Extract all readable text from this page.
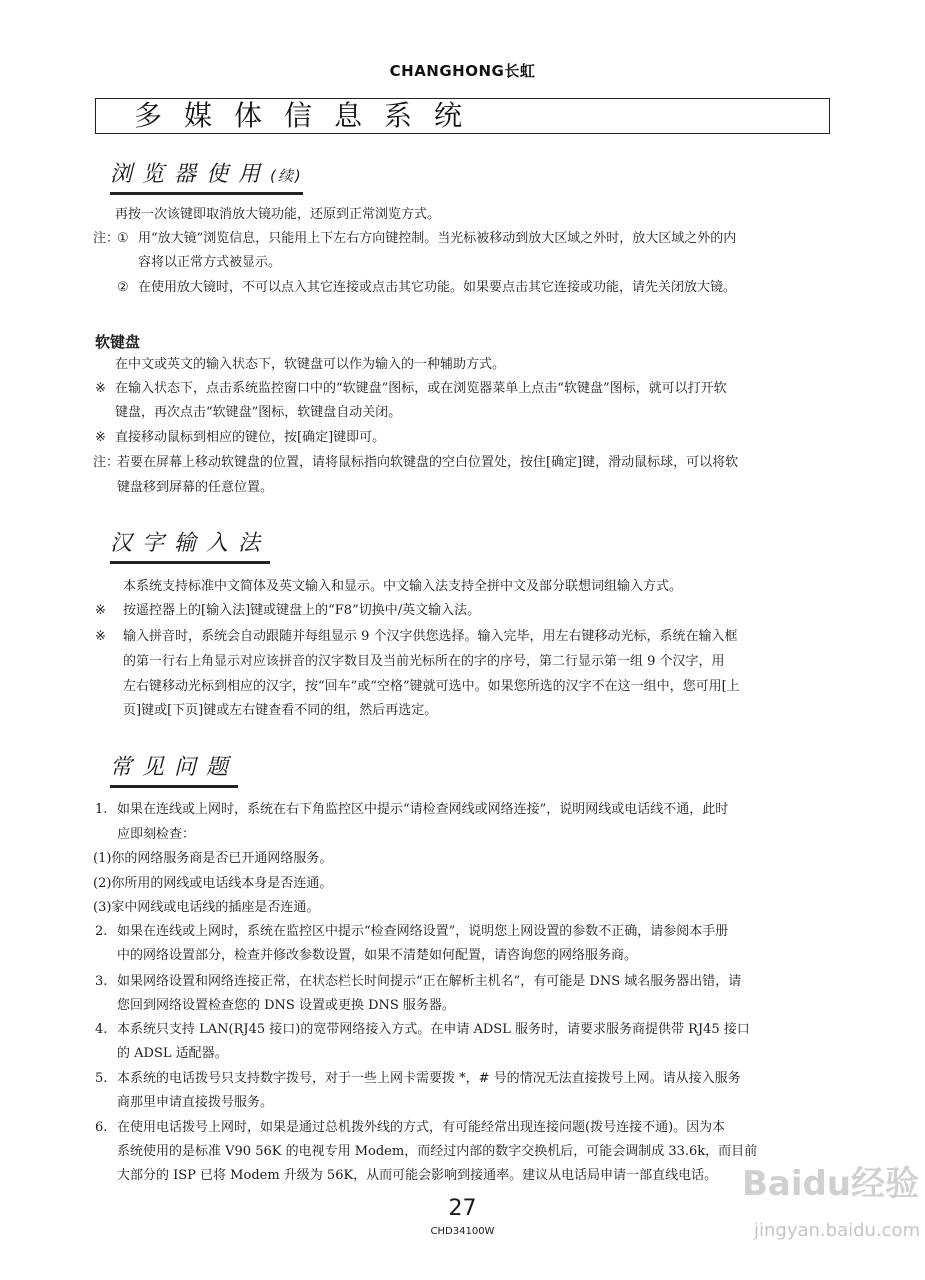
CHANGHONG长虹
多媒体信息系统
浏览器使用(续)
再按一次该键即取消放大镜功能，还原到正常浏览方式。
注：
① 用“放大镜”浏览信息，只能用上下左右方向键控制。当光标被移动到放大区域之外时，放大区域之外的内
容将以正常方式被显示。
② 在使用放大镜时，不可以点入其它连接或点击其它功能。如果要点击其它连接或功能，请先关闭放大镜。
软键盘
在中文或英文的输入状态下，软键盘可以作为输入的一种辅助方式。
※ 在输入状态下，点击系统监控窗口中的“软键盘”图标，或在浏览器菜单上点击“软键盘”图标，就可以打开软
键盘，再次点击“软键盘”图标，软键盘自动关闭。
※ 直接移动鼠标到相应的键位，按[确定]键即可。
注：
若要在屏幕上移动软键盘的位置，请将鼠标指向软键盘的空白位置处，按住[确定]键，滑动鼠标球，可以将软
键盘移到屏幕的任意位置。
汉字输入法
本系统支持标准中文简体及英文输入和显示。中文输入法支持全拼中文及部分联想词组输入方式。
※ 按遥控器上的[输入法]键或键盘上的“F8”切换中/英文输入法。
※ 输入拼音时，系统会自动跟随并每组显示 9 个汉字供您选择。输入完毕，用左右键移动光标，系统在输入框
的第一行右上角显示对应该拼音的汉字数目及当前光标所在的字的序号，第二行显示第一组 9 个汉字，用
左右键移动光标到相应的汉字，按“回车”或“空格”键就可选中。如果您所选的汉字不在这一组中，您可用[上
页]键或[下页]键或左右键查看不同的组，然后再选定。
常见问题
1. 如果在连线或上网时，系统在右下角监控区中提示“请检查网线或网络连接”，说明网线或电话线不通，此时
应即刻检查：
(1)你的网络服务商是否已开通网络服务。
(2)你所用的网线或电话线本身是否连通。
(3)家中网线或电话线的插座是否连通。
2. 如果在连线或上网时，系统在监控区中提示“检查网络设置”，说明您上网设置的参数不正确，请参阅本手册
中的网络设置部分，检查并修改参数设置，如果不清楚如何配置，请咨询您的网络服务商。
3. 如果网络设置和网络连接正常，在状态栏长时间提示“正在解析主机名”，有可能是 DNS 域名服务器出错，请
您回到网络设置检查您的 DNS 设置或更换 DNS 服务器。
4. 本系统只支持 LAN(RJ45 接口)的宽带网络接入方式。在申请 ADSL 服务时，请要求服务商提供带 RJ45 接口
的 ADSL 适配器。
5. 本系统的电话拨号只支持数字拨号，对于一些上网卡需要拨 *，# 号的情况无法直接拨号上网。请从接入服务
商那里申请直接拨号服务。
6. 在使用电话拨号上网时，如果是通过总机拨外线的方式，有可能经常出现连接问题(拨号连接不通)。因为本
系统使用的是标准 V90 56K 的电视专用 Modem，而经过内部的数字交换机后，可能会调制成 33.6k，而目前
大部分的 ISP 已将 Modem 升级为 56K，从而可能会影响到接通率。建议从电话局申请一部直线电话。
27
CHD34100W
Baidu经验
jingyan.baidu.com
